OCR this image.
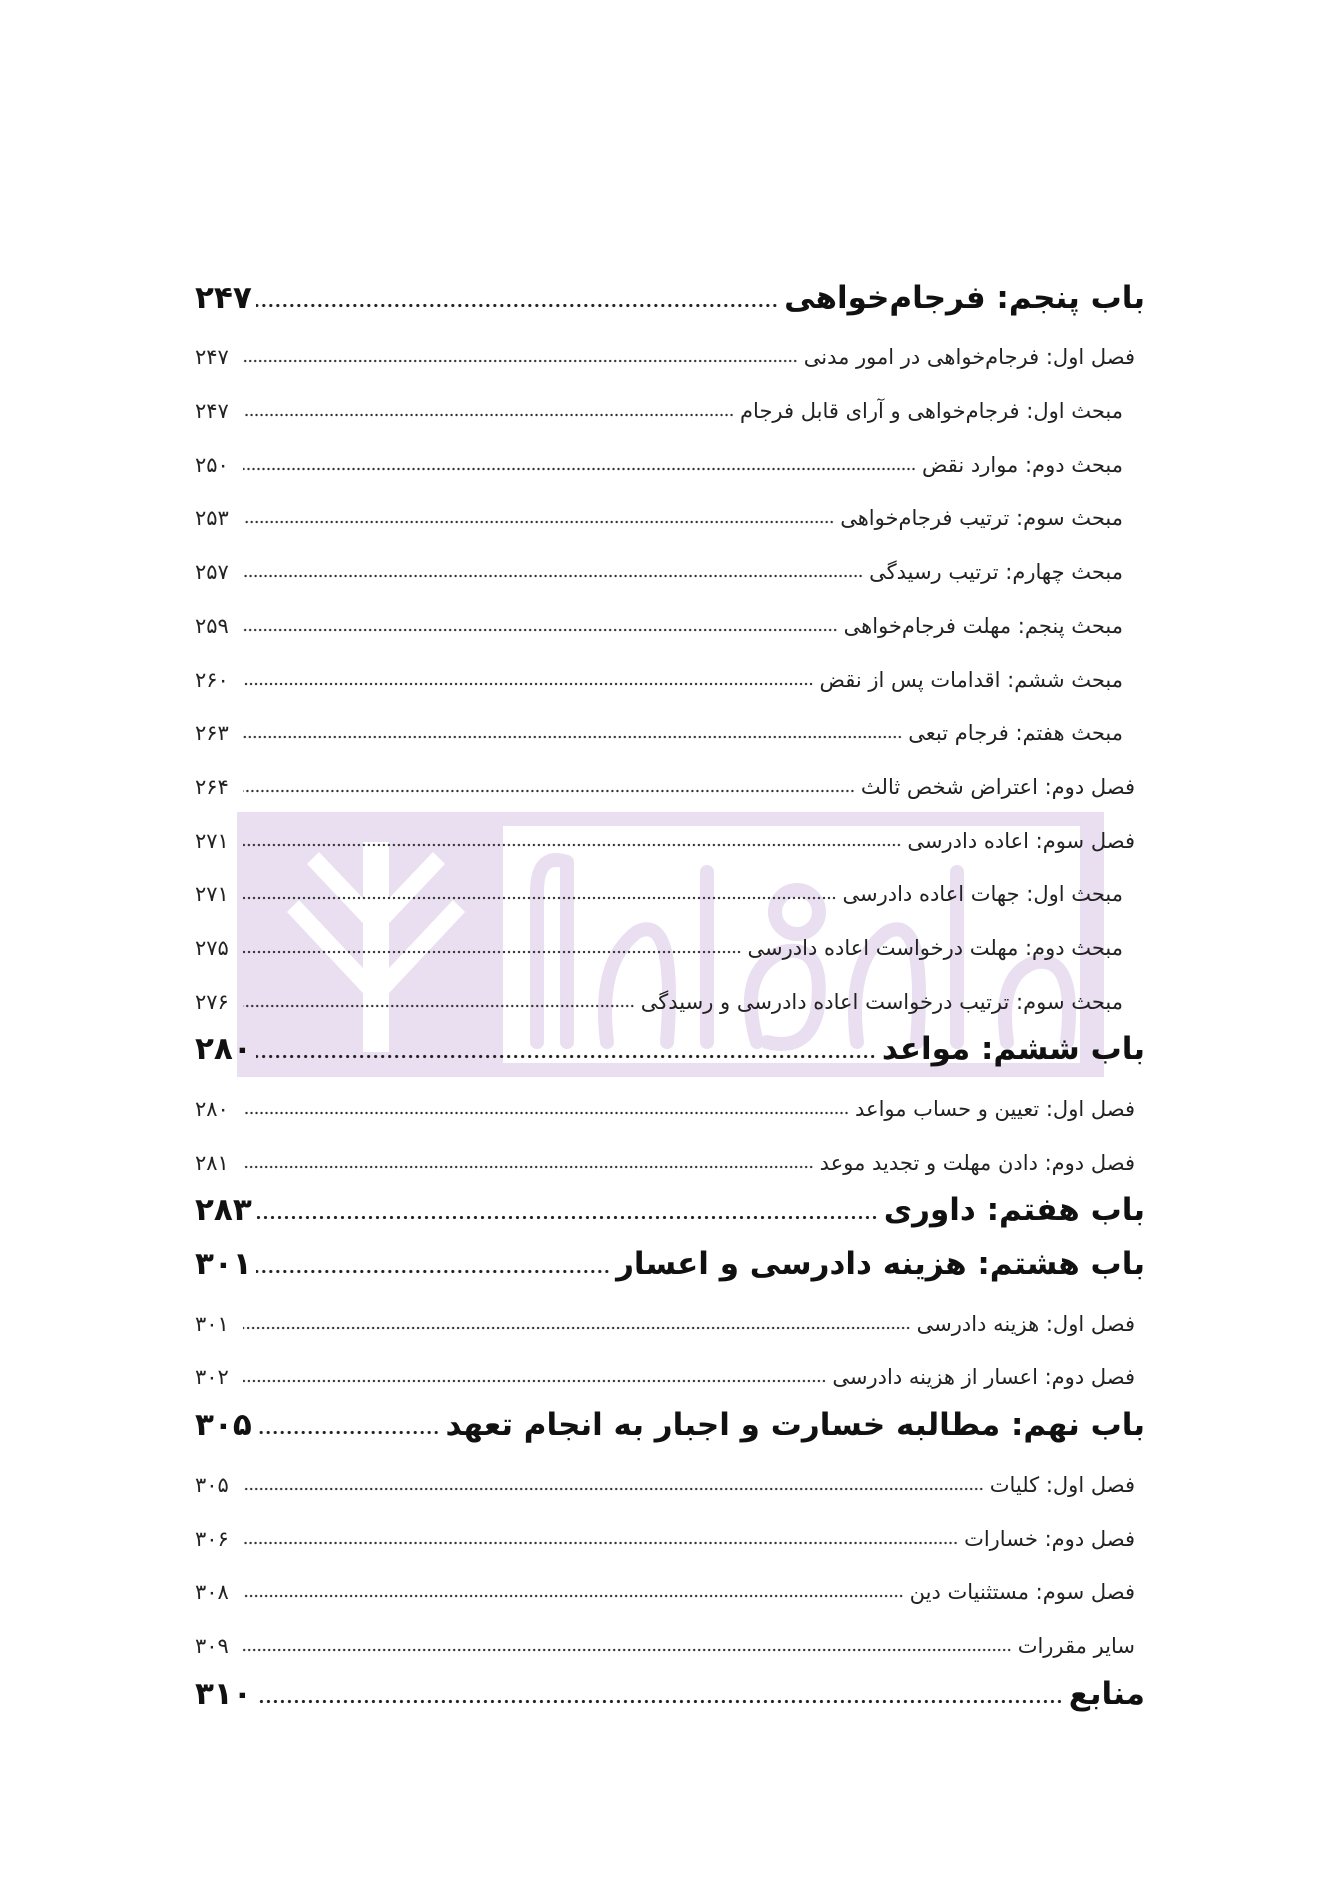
باب پنجم: فرجام‌خواهی
۲۴۷
فصل اول: فرجام‌خواهی در امور مدنی
۲۴۷
مبحث اول: فرجام‌خواهی و آرای قابل فرجام
۲۴۷
مبحث دوم: موارد نقض
۲۵۰
مبحث سوم: ترتیب فرجام‌خواهی
۲۵۳
مبحث چهارم: ترتیب رسیدگی
۲۵۷
مبحث پنجم: مهلت فرجام‌خواهی
۲۵۹
مبحث ششم: اقدامات پس از نقض
۲۶۰
مبحث هفتم: فرجام تبعی
۲۶۳
فصل دوم: اعتراض شخص ثالث
۲۶۴
فصل سوم: اعاده دادرسی
۲۷۱
مبحث اول: جهات اعاده دادرسی
۲۷۱
مبحث دوم: مهلت درخواست اعاده دادرسی
۲۷۵
مبحث سوم: ترتیب درخواست اعاده دادرسی و رسیدگی
۲۷۶
باب ششم: مواعد
۲۸۰
فصل اول: تعیین و حساب مواعد
۲۸۰
فصل دوم: دادن مهلت و تجدید موعد
۲۸۱
باب هفتم: داوری
۲۸۳
باب هشتم: هزینه دادرسی و اعسار
۳۰۱
فصل اول: هزینه دادرسی
۳۰۱
فصل دوم: اعسار از هزینه دادرسی
۳۰۲
باب نهم: مطالبه خسارت و اجبار به انجام تعهد
۳۰۵
فصل اول: کلیات
۳۰۵
فصل دوم: خسارات
۳۰۶
فصل سوم: مستثنیات دین
۳۰۸
سایر مقررات
۳۰۹
منابع
۳۱۰
